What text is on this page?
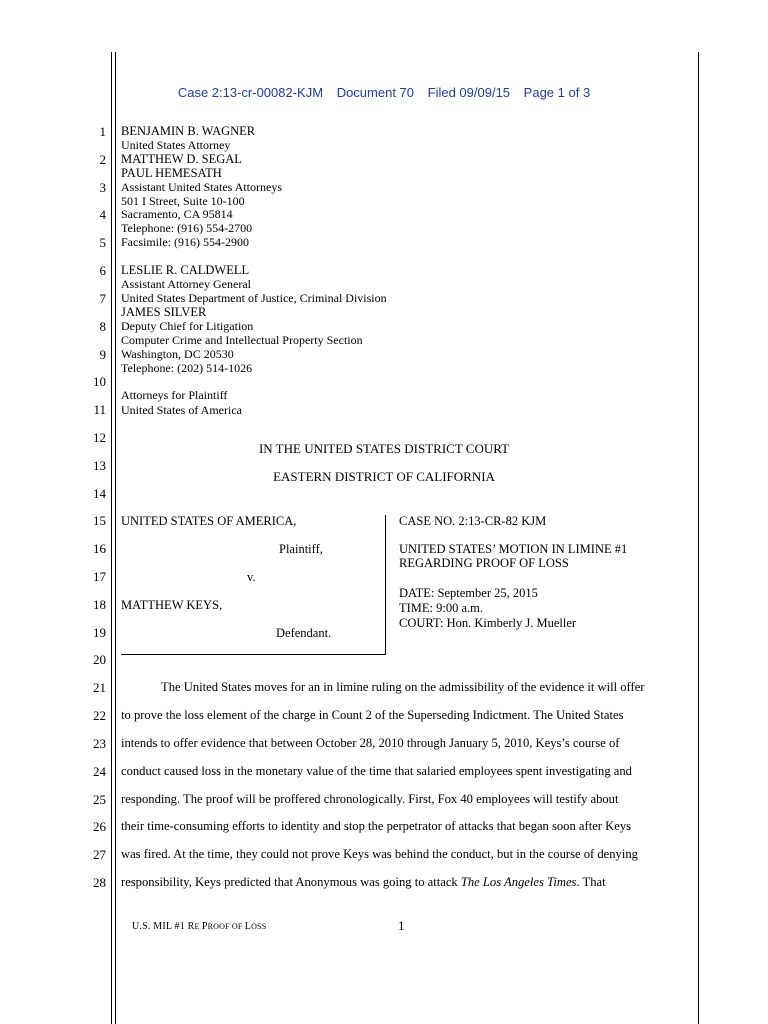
Case 2:13-cr-00082-KJM Document 70 Filed 09/09/15 Page 1 of 3
1
2
3
4
5
6
7
8
9
10
11
12
13
14
15
16
17
18
19
20
21
22
23
24
25
26
27
28
BENJAMIN B. WAGNER
United States Attorney
MATTHEW D. SEGAL
PAUL HEMESATH
Assistant United States Attorneys
501 I Street, Suite 10-100
Sacramento, CA 95814
Telephone: (916) 554-2700
Facsimile: (916) 554-2900
LESLIE R. CALDWELL
Assistant Attorney General
United States Department of Justice, Criminal Division
JAMES SILVER
Deputy Chief for Litigation
Computer Crime and Intellectual Property Section
Washington, DC 20530
Telephone: (202) 514-1026
Attorneys for Plaintiff
United States of America
IN THE UNITED STATES DISTRICT COURT
EASTERN DISTRICT OF CALIFORNIA
UNITED STATES OF AMERICA,
Plaintiff,
v.
MATTHEW KEYS,
Defendant.
CASE NO. 2:13-CR-82 KJM
UNITED STATES’ MOTION IN LIMINE #1
REGARDING PROOF OF LOSS
DATE: September 25, 2015
TIME: 9:00 a.m.
COURT: Hon. Kimberly J. Mueller
The United States moves for an in limine ruling on the admissibility of the evidence it will offer
to prove the loss element of the charge in Count 2 of the Superseding Indictment. The United States
intends to offer evidence that between October 28, 2010 through January 5, 2010, Keys’s course of
conduct caused loss in the monetary value of the time that salaried employees spent investigating and
responding. The proof will be proffered chronologically. First, Fox 40 employees will testify about
their time-consuming efforts to identity and stop the perpetrator of attacks that began soon after Keys
was fired. At the time, they could not prove Keys was behind the conduct, but in the course of denying
responsibility, Keys predicted that Anonymous was going to attack The Los Angeles Times. That
U.S. MIL #1 RE PROOF OF LOSS	1
